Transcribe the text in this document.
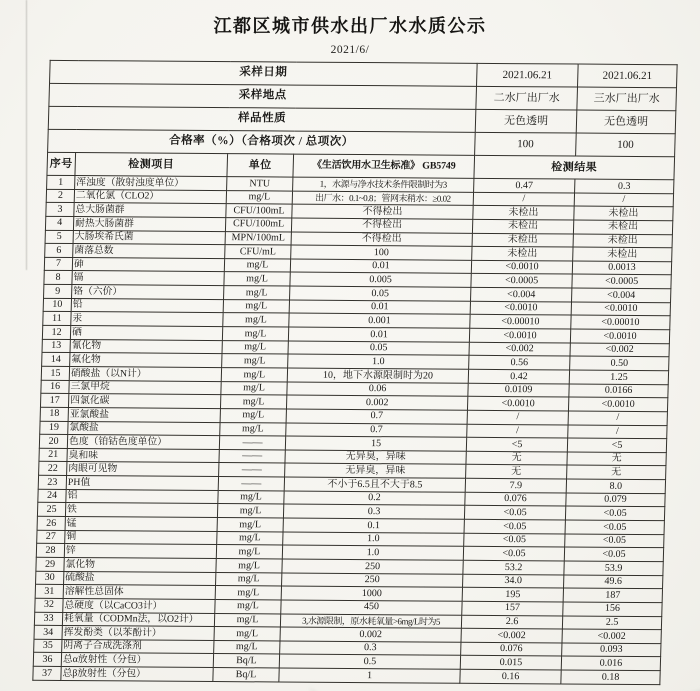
江都区城市供水出厂水水质公示
2021/6/
采样日期				2021.06.21	2021.06.21
采样地点				二水厂出厂水	三水厂出厂水
样品性质				无色透明	无色透明
合格率（%）（合格项次 / 总项次）				100	100
序号	检测项目	单位	《生活饮用水卫生标准》 GB5749	检测结果	
1	浑浊度（散射浊度单位）	NTU	1，水源与净水技术条件限制时为3	0.47	0.3
2	二氧化氯（CLO2）	mg/L	出厂水：0.1~0.8；管网末稍水：≥0.02	/	/
3	总大肠菌群	CFU/100mL	不得检出	未检出	未检出
4	耐热大肠菌群	CFU/100mL	不得检出	未检出	未检出
5	大肠埃希氏菌	MPN/100mL	不得检出	未检出	未检出
6	菌落总数	CFU/mL	100	未检出	未检出
7	砷	mg/L	0.01	<0.0010	0.0013
8	镉	mg/L	0.005	<0.0005	<0.0005
9	铬（六价）	mg/L	0.05	<0.004	<0.004
10	铅	mg/L	0.01	<0.0010	<0.0010
11	汞	mg/L	0.001	<0.00010	<0.00010
12	硒	mg/L	0.01	<0.0010	<0.0010
13	氰化物	mg/L	0.05	<0.002	<0.002
14	氟化物	mg/L	1.0	0.56	0.50
15	硝酸盐（以N计）	mg/L	10，地下水源限制时为20	0.42	1.25
16	三氯甲烷	mg/L	0.06	0.0109	0.0166
17	四氯化碳	mg/L	0.002	<0.0010	<0.0010
18	亚氯酸盐	mg/L	0.7	/	/
19	氯酸盐	mg/L	0.7	/	/
20	色度（铂钴色度单位）	——	15	<5	<5
21	臭和味	——	无异臭，异味	无	无
22	肉眼可见物	——	无异臭，异味	无	无
23	PH值	——	不小于6.5且不大于8.5	7.9	8.0
24	铝	mg/L	0.2	0.076	0.079
25	铁	mg/L	0.3	<0.05	<0.05
26	锰	mg/L	0.1	<0.05	<0.05
27	铜	mg/L	1.0	<0.05	<0.05
28	锌	mg/L	1.0	<0.05	<0.05
29	氯化物	mg/L	250	53.2	53.9
30	硫酸盐	mg/L	250	34.0	49.6
31	溶解性总固体	mg/L	1000	195	187
32	总硬度（以CaCO3计）	mg/L	450	157	156
33	耗氧量（CODMn法，以O2计）	mg/L	3,水源限制，原水耗氧量>6mg/L时为5	2.6	2.5
34	挥发酚类（以苯酚计）	mg/L	0.002	<0.002	<0.002
35	阴离子合成洗涤剂	mg/L	0.3	0.076	0.093
36	总α放射性（分包）	Bq/L	0.5	0.015	0.016
37	总β放射性（分包）	Bq/L	1	0.16	0.18
